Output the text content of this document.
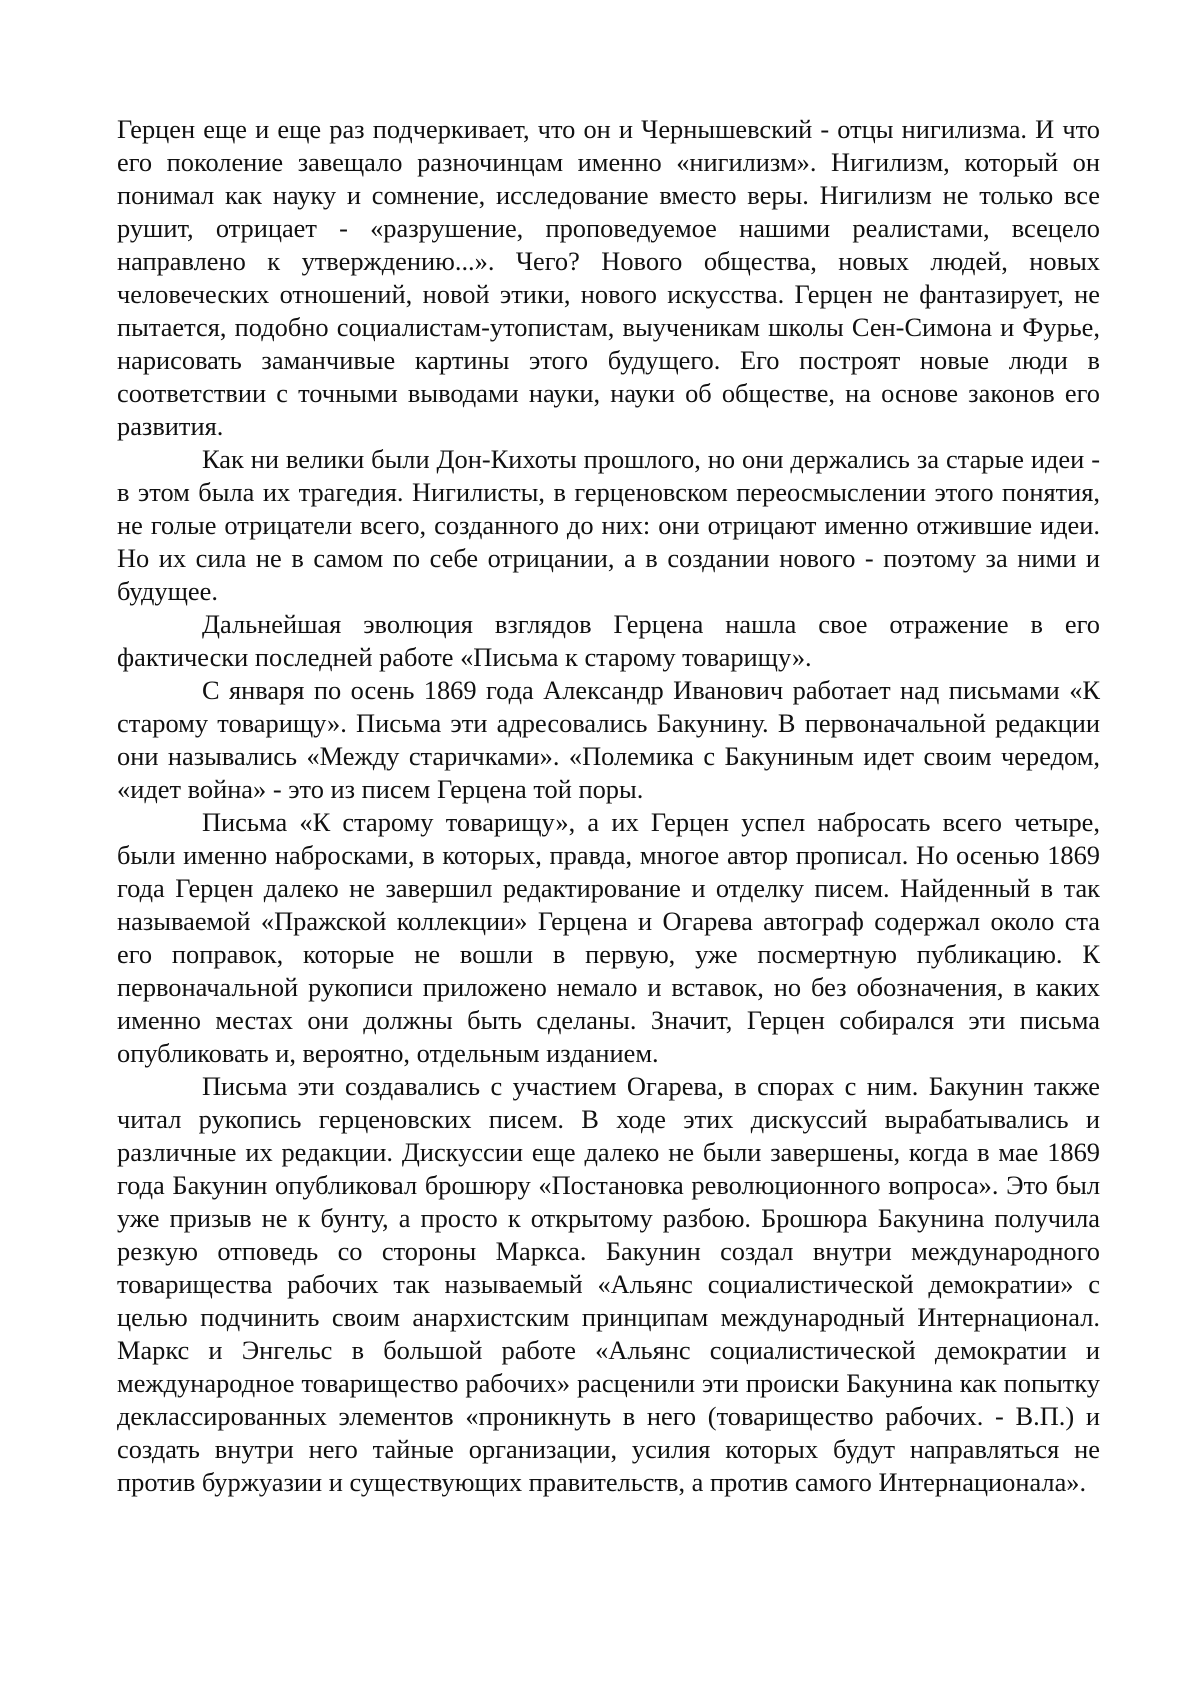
Герцен еще и еще раз подчеркивает, что он и Чернышевский - отцы нигилизма. И что его поколение завещало разночинцам именно «нигилизм». Нигилизм, который он понимал как науку и сомнение, исследование вместо веры. Нигилизм не только все рушит, отрицает - «разрушение, проповедуемое нашими реалистами, всецело направлено к утверждению...». Чего? Нового общества, новых людей, новых человеческих отношений, новой этики, нового искусства. Герцен не фантазирует, не пытается, подобно социалистам-утопистам, выученикам школы Сен-Симона и Фурье, нарисовать заманчивые картины этого будущего. Его построят новые люди в соответствии с точными выводами науки, науки об обществе, на основе законов его развития.

Как ни велики были Дон-Кихоты прошлого, но они держались за старые идеи - в этом была их трагедия. Нигилисты, в герценовском переосмыслении этого понятия, не голые отрицатели всего, созданного до них: они отрицают именно отжившие идеи. Но их сила не в самом по себе отрицании, а в создании нового - поэтому за ними и будущее.

Дальнейшая эволюция взглядов Герцена нашла свое отражение в его фактически последней работе «Письма к старому товарищу».

С января по осень 1869 года Александр Иванович работает над письмами «К старому товарищу». Письма эти адресовались Бакунину. В первоначальной редакции они назывались «Между старичками». «Полемика с Бакуниным идет своим чередом, «идет война» - это из писем Герцена той поры.

Письма «К старому товарищу», а их Герцен успел набросать всего четыре, были именно набросками, в которых, правда, многое автор прописал. Но осенью 1869 года Герцен далеко не завершил редактирование и отделку писем. Найденный в так называемой «Пражской коллекции» Герцена и Огарева автограф содержал около ста его поправок, которые не вошли в первую, уже посмертную публикацию. К первоначальной рукописи приложено немало и вставок, но без обозначения, в каких именно местах они должны быть сделаны. Значит, Герцен собирался эти письма опубликовать и, вероятно, отдельным изданием.

Письма эти создавались с участием Огарева, в спорах с ним. Бакунин также читал рукопись герценовских писем. В ходе этих дискуссий вырабатывались и различные их редакции. Дискуссии еще далеко не были завершены, когда в мае 1869 года Бакунин опубликовал брошюру «Постановка революционного вопроса». Это был уже призыв не к бунту, а просто к открытому разбою. Брошюра Бакунина получила резкую отповедь со стороны Маркса. Бакунин создал внутри международного товарищества рабочих так называемый «Альянс социалистической демократии» с целью подчинить своим анархистским принципам международный Интернационал. Маркс и Энгельс в большой работе «Альянс социалистической демократии и международное товарищество рабочих» расценили эти происки Бакунина как попытку деклассированных элементов «проникнуть в него (товарищество рабочих. - В.П.) и создать внутри него тайные организации, усилия которых будут направляться не против буржуазии и существующих правительств, а против самого Интернационала».
